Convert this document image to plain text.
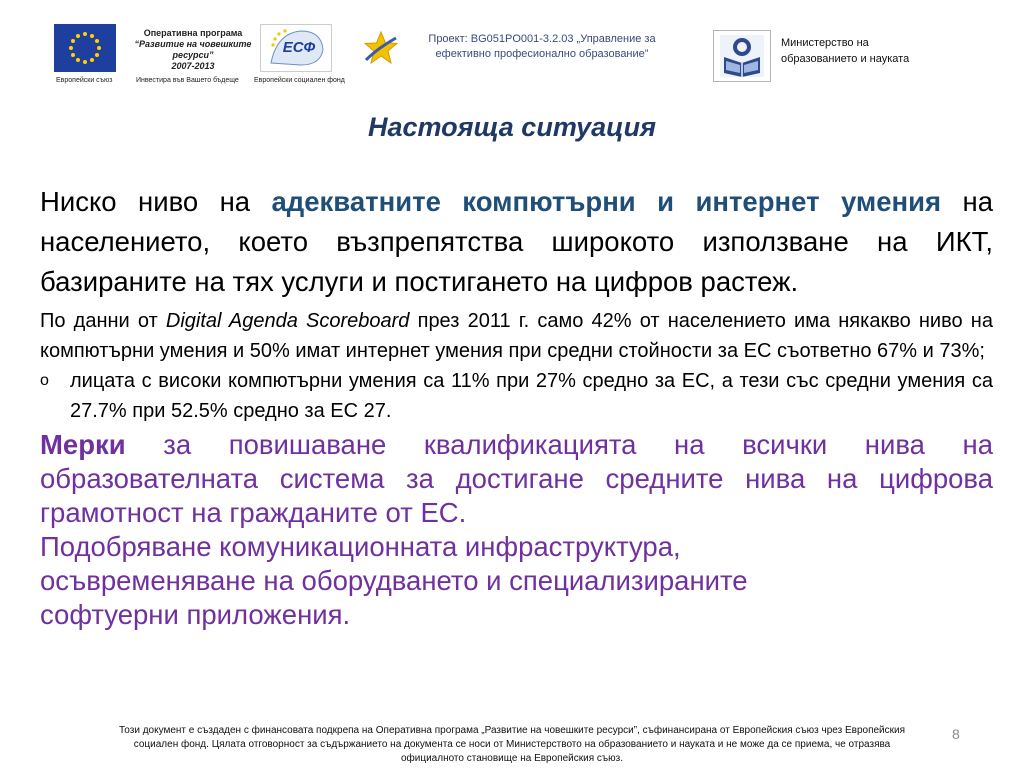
Европейски съюз
Оперативна програма
“Развитие на човешките ресурси”
2007-2013
Инвестира във Вашето бъдеще
ЕСФ
Европейски социален фонд
Проект: BG051PO001-3.2.03 „Управление за
ефективно професионално образование”
Министерство на
образованието и науката
Настояща ситуация

Ниско ниво на адекватните компютърни и интернет умения на населението, което възпрепятства широкото използване на ИКТ, базираните на тях услуги и постигането на цифров растеж.

По данни от Digital Agenda Scoreboard през 2011 г. само 42% от населението има някакво ниво на компютърни умения и 50% имат интернет умения при средни стойности за ЕС съответно 67% и 73%;

o	лицата с високи компютърни умения са 11% при 27% средно за ЕС, а тези със средни умения са 27.7% при 52.5% средно за ЕС 27.

Мерки за повишаване квалификацията на всички нива на образователната система за достигане средните нива на цифрова грамотност на гражданите от ЕС.

Подобряване комуникационната инфраструктура,
осъвременяване на оборудването и специализираните
софтуерни приложения.

Този документ е създаден с финансовата подкрепа на Оперативна програма „Развитие на човешките ресурси”, съфинансирана от Европейския съюз чрез Европейския
социален фонд. Цялата отговорност за съдържанието на документа се носи от Министерството на образованието и науката и не може да се приема, че отразява
официалното становище на Европейския съюз.
8
